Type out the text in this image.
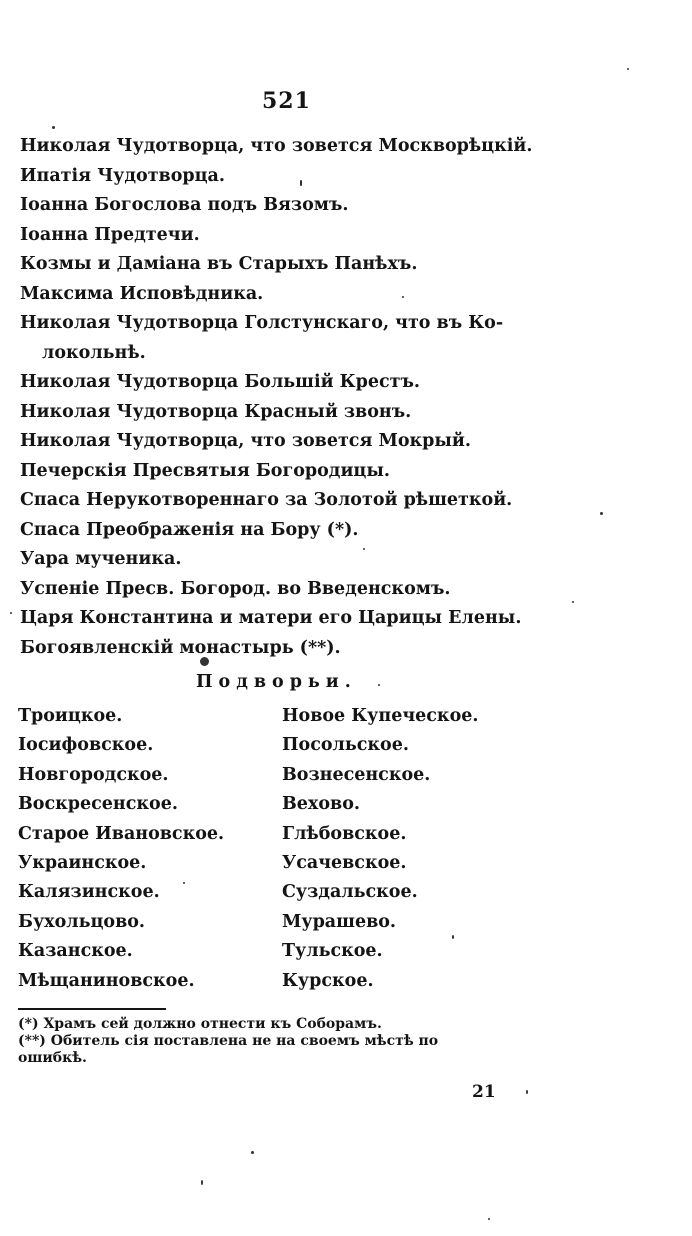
521
Николая Чудотворца, что зовется Москворѣцкій.
Ипатія Чудотворца.
Іоанна Богослова подъ Вязомъ.
Іоанна Предтечи.
Козмы и Даміана въ Старыхъ Панѣхъ.
Максима Исповѣдника.
Николая Чудотворца Голстунскаго, что въ Ко-
локольнѣ.
Николая Чудотворца Большій Крестъ.
Николая Чудотворца Красный звонъ.
Николая Чудотворца, что зовется Мокрый.
Печерскія Пресвятыя Богородицы.
Спаса Нерукотвореннаго за Золотой рѣшеткой.
Спаса Преображенія на Бору (*).
Уара мученика.
Успеніе Пресв. Богород. во Введенскомъ.
Царя Константина и матери его Царицы Елены.
Богоявленскій монастырь (**).
Подворьи.
Троицкое.
Іосифовское.
Новгородское.
Воскресенское.
Старое Ивановское.
Украинское.
Калязинское.
Бухольцово.
Казанское.
Мѣщаниновское.
Новое Купеческое.
Посольское.
Вознесенское.
Вехово.
Глѣбовское.
Усачевское.
Суздальское.
Мурашево.
Тульское.
Курское.
(*) Храмъ сей должно отнести къ Соборамъ.
(**) Обитель сія поставлена не на своемъ мѣстѣ по
ошибкѣ.
21
